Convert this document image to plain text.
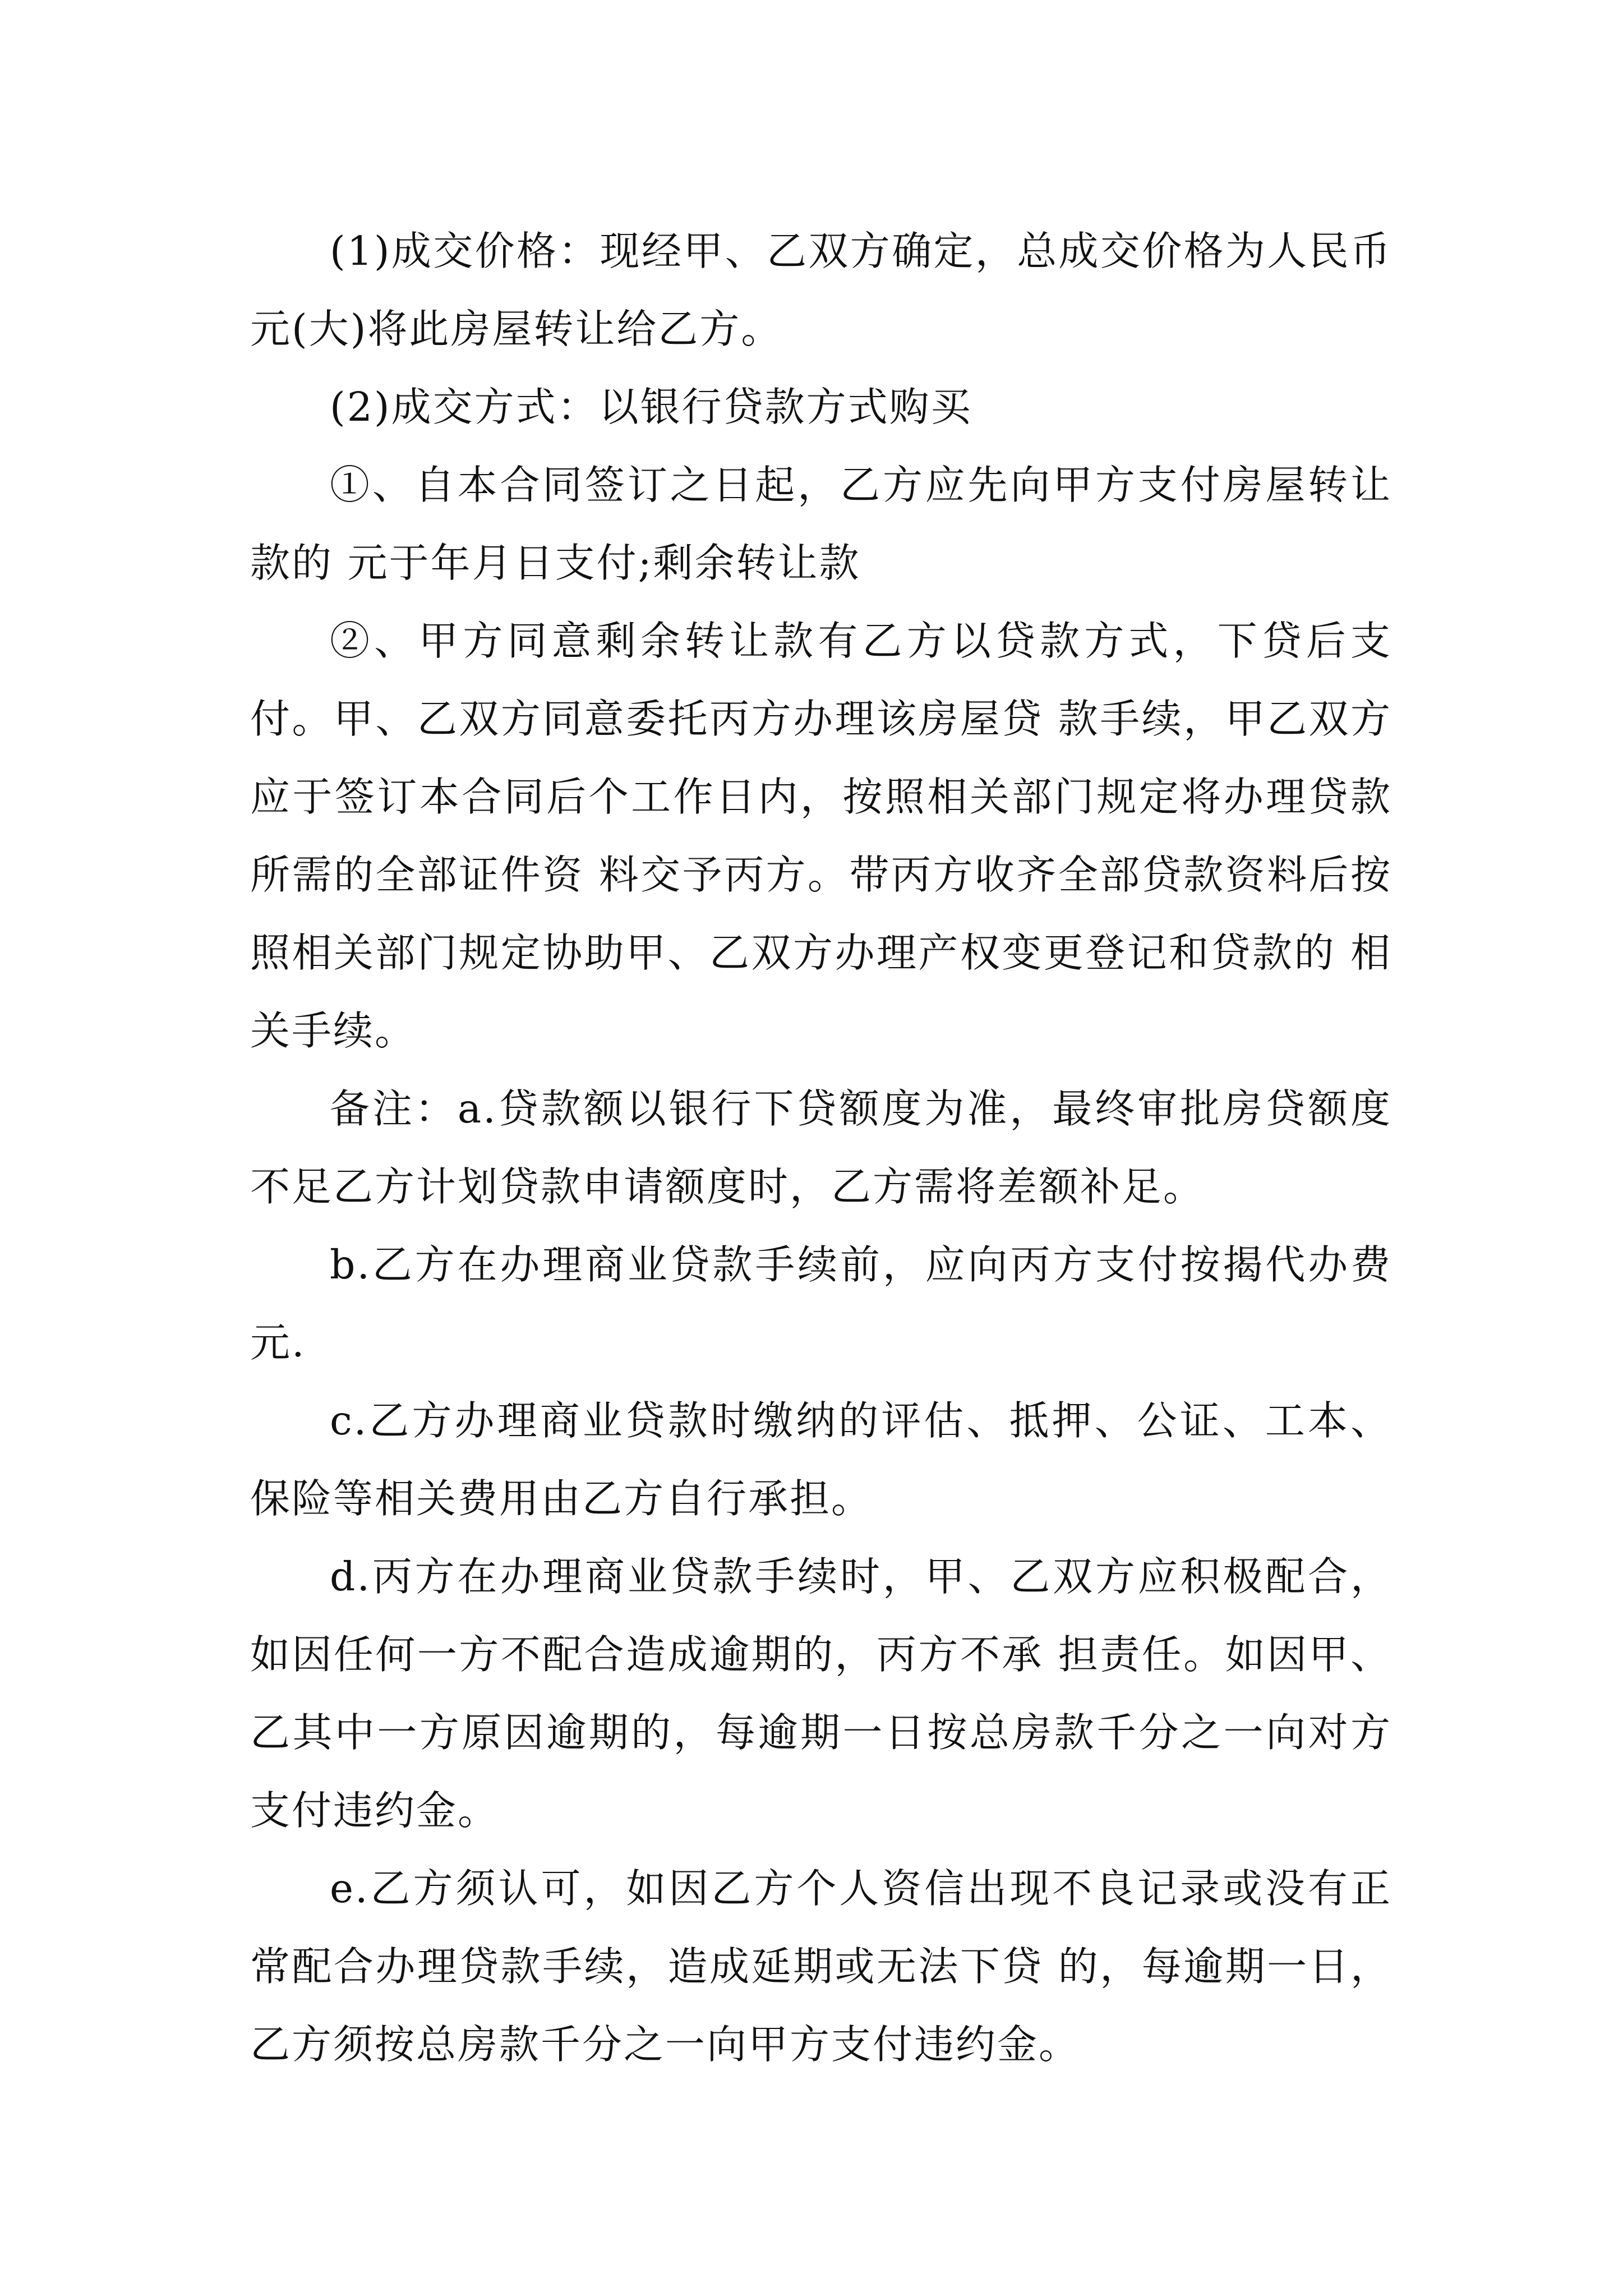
(1)成交价格：现经甲、乙双方确定，总成交价格为人民币元(大)将此房屋转让给乙方。

(2)成交方式：以银行贷款方式购买

①、自本合同签订之日起，乙方应先向甲方支付房屋转让款的 元于年月日支付;剩余转让款

②、甲方同意剩余转让款有乙方以贷款方式，下贷后支付。甲、乙双方同意委托丙方办理该房屋贷 款手续，甲乙双方应于签订本合同后个工作日内，按照相关部门规定将办理贷款所需的全部证件资 料交予丙方。带丙方收齐全部贷款资料后按照相关部门规定协助甲、乙双方办理产权变更登记和贷款的 相关手续。

备注：a.贷款额以银行下贷额度为准，最终审批房贷额度不足乙方计划贷款申请额度时，乙方需将差额补足。

b.乙方在办理商业贷款手续前，应向丙方支付按揭代办费元.

c.乙方办理商业贷款时缴纳的评估、抵押、公证、工本、保险等相关费用由乙方自行承担。

d.丙方在办理商业贷款手续时，甲、乙双方应积极配合，如因任何一方不配合造成逾期的，丙方不承 担责任。如因甲、乙其中一方原因逾期的，每逾期一日按总房款千分之一向对方支付违约金。

e.乙方须认可，如因乙方个人资信出现不良记录或没有正常配合办理贷款手续，造成延期或无法下贷 的，每逾期一日，乙方须按总房款千分之一向甲方支付违约金。
